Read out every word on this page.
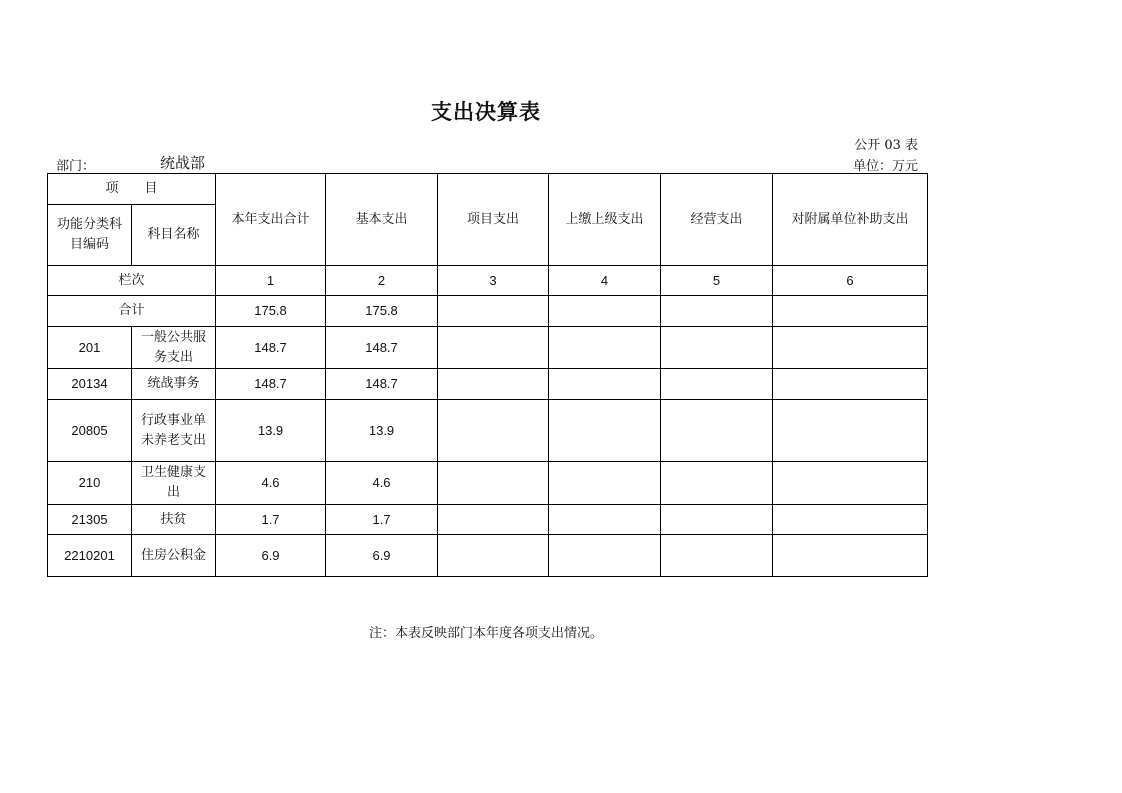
支出决算表
公开 03 表
部门：	统战部	单位：万元
项　　目		本年支出合计	基本支出	项目支出	上缴上级支出	经营支出	对附属单位补助支出
功能分类科目编码	科目名称						
栏次		1	2	3	4	5	6
合计		175.8	175.8				
201	一般公共服务支出	148.7	148.7				
20134	统战事务	148.7	148.7				
20805	行政事业单未养老支出	13.9	13.9				
210	卫生健康支出	4.6	4.6				
21305	扶贫	1.7	1.7				
2210201	住房公积金	6.9	6.9				
注：本表反映部门本年度各项支出情况。
